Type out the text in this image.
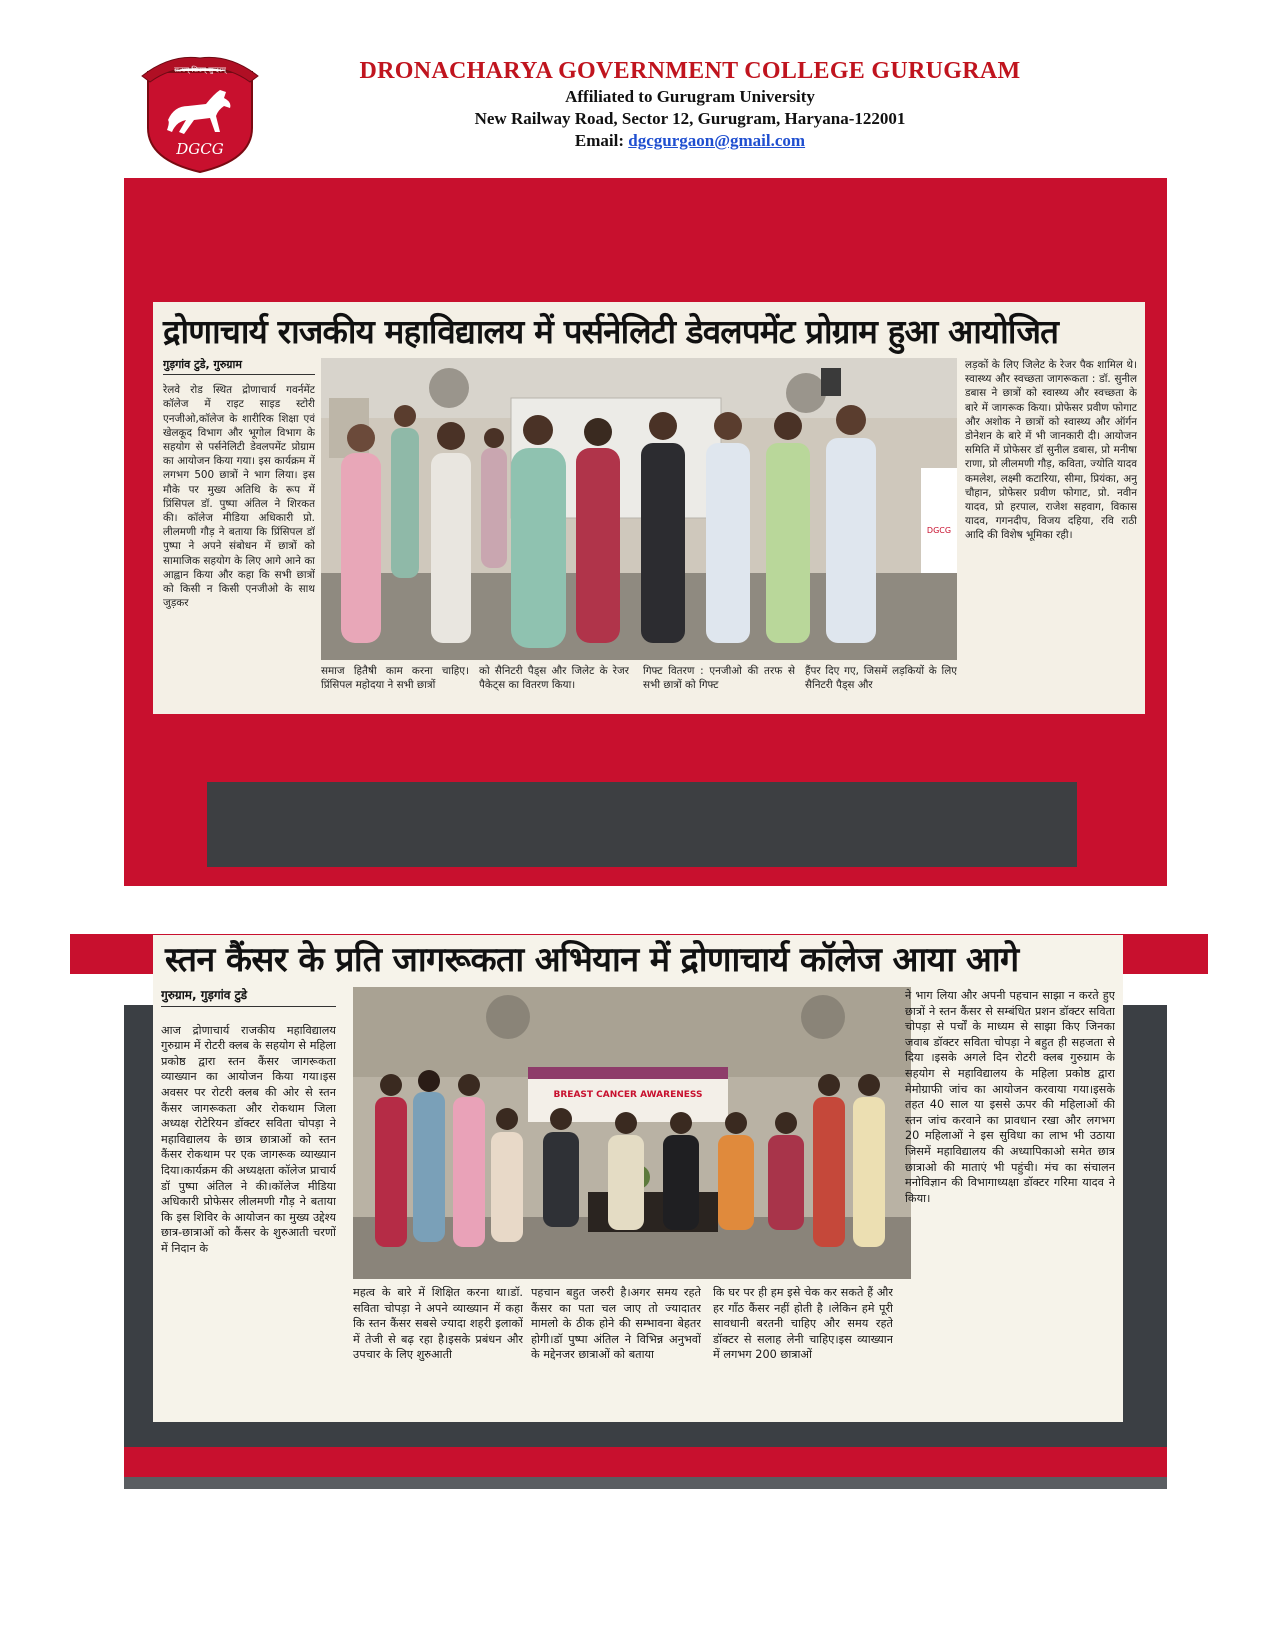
सत्यम् शिवम् सुन्दरम्
DGCG
DRONACHARYA GOVERNMENT COLLEGE GURUGRAM
Affiliated to Gurugram University
New Railway Road, Sector 12, Gurugram, Haryana-122001
Email: dgcgurgaon@gmail.com
द्रोणाचार्य राजकीय महाविद्यालय में पर्सनेलिटी डेवलपमेंट प्रोग्राम हुआ आयोजित
गुड़गांव टुडे, गुरुग्राम
रेलवे रोड स्थित द्रोणाचार्य गवर्नमेंट कॉलेज में राइट साइड स्टोरी एनजीओ,कॉलेज के शारीरिक शिक्षा एवं खेलकूद विभाग और भूगोल विभाग के सहयोग से पर्सनेलिटी डेवलपमेंट प्रोग्राम का आयोजन किया गया। इस कार्यक्रम में लगभग 500 छात्रों ने भाग लिया। इस मौके पर मुख्य अतिथि के रूप में प्रिंसिपल डॉ. पुष्पा अंतिल ने शिरकत की। कॉलेज मीडिया अधिकारी प्रो. लीलमणी गौड़ ने बताया कि प्रिंसिपल डॉ पुष्पा ने अपने संबोधन में छात्रों को सामाजिक सहयोग के लिए आगे आने का आह्वान किया और कहा कि सभी छात्रों को किसी न किसी एनजीओ के साथ जुड़कर
DGCG
समाज हितैषी काम करना चाहिए। प्रिंसिपल महोदया ने सभी छात्रों
को सैनिटरी पैड्स और जिलेट के रेजर पैकेट्स का वितरण किया।
गिफ्ट वितरण : एनजीओ की तरफ से सभी छात्रों को गिफ्ट
हैंपर दिए गए, जिसमें लड़कियों के लिए सैनिटरी पैड्स और
लड़कों के लिए जिलेट के रेजर पैक शामिल थे। स्वास्थ्य और स्वच्छता जागरूकता : डॉ. सुनील डबास ने छात्रों को स्वास्थ्य और स्वच्छता के बारे में जागरूक किया। प्रोफेसर प्रवीण फोगाट और अशोक ने छात्रों को स्वास्थ्य और ऑर्गन डोनेशन के बारे में भी जानकारी दी। आयोजन समिति में प्रोफेसर डॉ सुनील डबास, प्रो मनीषा राणा, प्रो लीलमणी गौड़, कविता, ज्योति यादव कमलेश, लक्ष्मी कटारिया, सीमा, प्रियंका, अनु चौहान, प्रोफेसर प्रवीण फोगाट, प्रो. नवीन यादव, प्रो हरपाल, राजेश सहवाग, विकास यादव, गगनदीप, विजय दहिया, रवि राठी आदि की विशेष भूमिका रही।
स्तन कैंसर के प्रति जागरूकता अभियान में द्रोणाचार्य कॉलेज आया आगे
गुरुग्राम, गुड़गांव टुडे
आज द्रोणाचार्य राजकीय महाविद्यालय गुरुग्राम में रोटरी क्लब के सहयोग से महिला प्रकोष्ठ द्वारा स्तन कैंसर जागरूकता व्याख्यान का आयोजन किया गया।इस अवसर पर रोटरी क्लब की ओर से स्तन कैंसर जागरूकता और रोकथाम जिला अध्यक्ष रोटेरियन डॉक्टर सविता चोपड़ा ने महाविद्यालय के छात्र छात्राओं को स्तन कैंसर रोकथाम पर एक जागरूक व्याख्यान दिया।कार्यक्रम की अध्यक्षता कॉलेज प्राचार्य डॉ पुष्पा अंतिल ने की।कॉलेज मीडिया अधिकारी प्रोफेसर लीलमणी गौड़ ने बताया कि इस शिविर के आयोजन का मुख्य उद्देश्य छात्र-छात्राओं को कैंसर के शुरुआती चरणों में निदान के
BREAST CANCER AWARENESS
महत्व के बारे में शिक्षित करना था।डॉ. सविता चोपड़ा ने अपने व्याख्यान में कहा कि स्तन कैंसर सबसे ज्यादा शहरी इलाकों में तेजी से बढ़ रहा है।इसके प्रबंधन और उपचार के लिए शुरुआती
पहचान बहुत जरुरी है।अगर समय रहते कैंसर का पता चल जाए तो ज्यादातर मामलो के ठीक होने की सम्भावना बेहतर होगी।डॉ पुष्पा अंतिल ने विभिन्न अनुभवों के मद्देनजर छात्राओं को बताया
कि घर पर ही हम इसे चेक कर सकते हैं और हर गाँठ कैंसर नहीं होती है ।लेकिन हमे पूरी सावधानी बरतनी चाहिए और समय रहते डॉक्टर से सलाह लेनी चाहिए।इस व्याख्यान में लगभग 200 छात्राओं
ने भाग लिया और अपनी पहचान साझा न करते हुए छात्रों ने स्तन कैंसर से सम्बंधित प्रशन डॉक्टर सविता चोपड़ा से पर्चों के माध्यम से साझा किए जिनका जवाब डॉक्टर सविता चोपड़ा ने बहुत ही सहजता से दिया ।इसके अगले दिन रोटरी क्लब गुरुग्राम के सहयोग से महाविद्यालय के महिला प्रकोष्ठ द्वारा मेमोग्राफी जांच का आयोजन करवाया गया।इसके तहत 40 साल या इससे ऊपर की महिलाओं की स्तन जांच करवाने का प्रावधान रखा और लगभग 20 महिलाओं ने इस सुविधा का लाभ भी उठाया जिसमें महाविद्यालय की अध्यापिकाओ समेत छात्र छात्राओ की माताएं भी पहुंची। मंच का संचालन मनोविज्ञान की विभागाध्यक्षा डॉक्टर गरिमा यादव ने किया।
